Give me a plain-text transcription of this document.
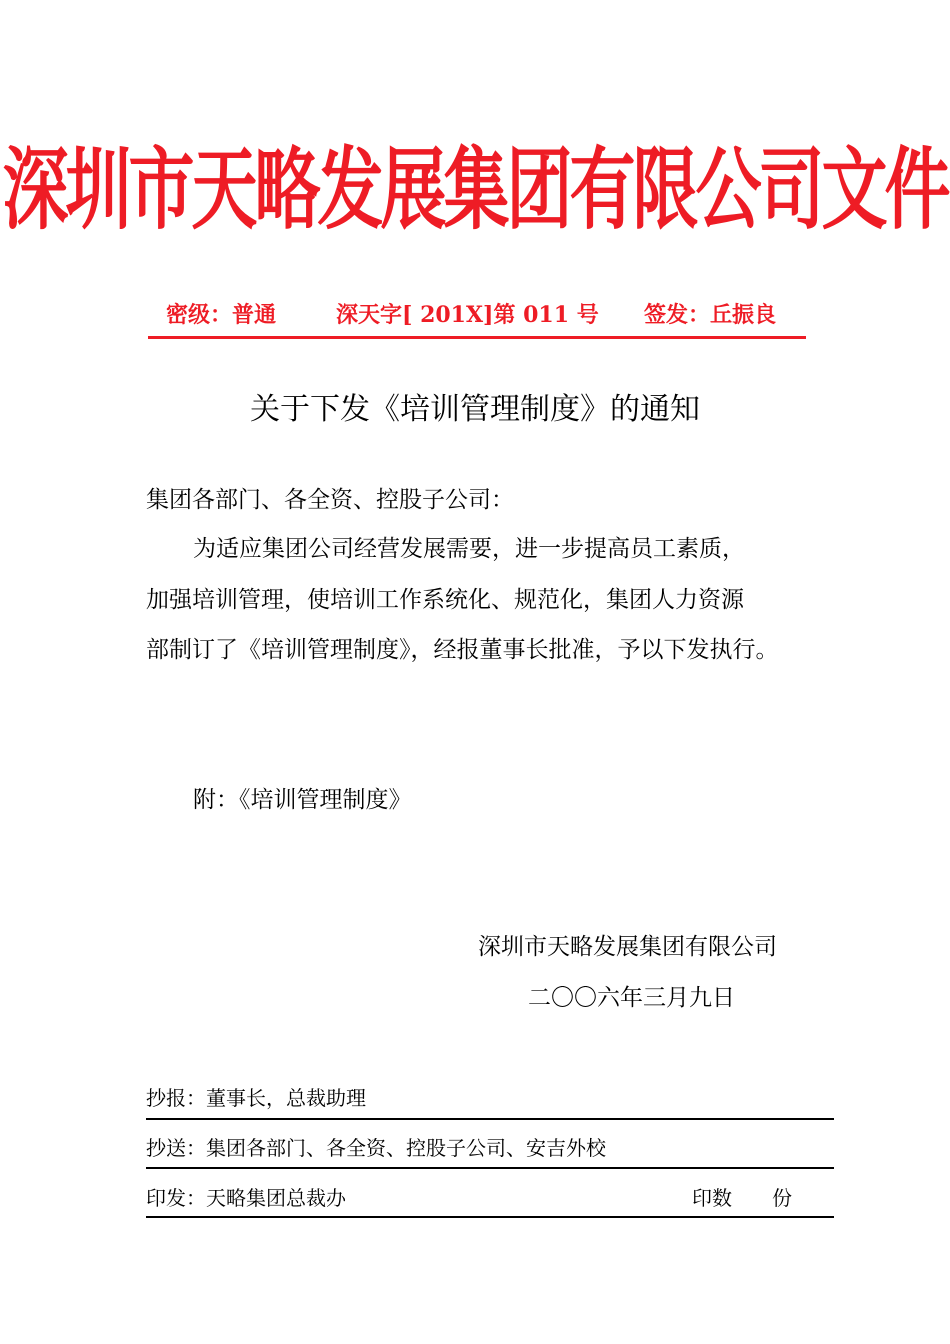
深圳市天略发展集团有限公司文件
密级：普通	深天字[ 201X]第 011 号 签发：丘振良
关于下发《培训管理制度》的通知
集团各部门、各全资、控股子公司：
为适应集团公司经营发展需要，进一步提高员工素质，
加强培训管理，使培训工作系统化、规范化，集团人力资源
部制订了《培训管理制度》，经报董事长批准，予以下发执行。
附：《培训管理制度》
深圳市天略发展集团有限公司
二〇〇六年三月九日
抄报：董事长，总裁助理
抄送：集团各部门、各全资、控股子公司、安吉外校
印发：天略集团总裁办	印数　　份
